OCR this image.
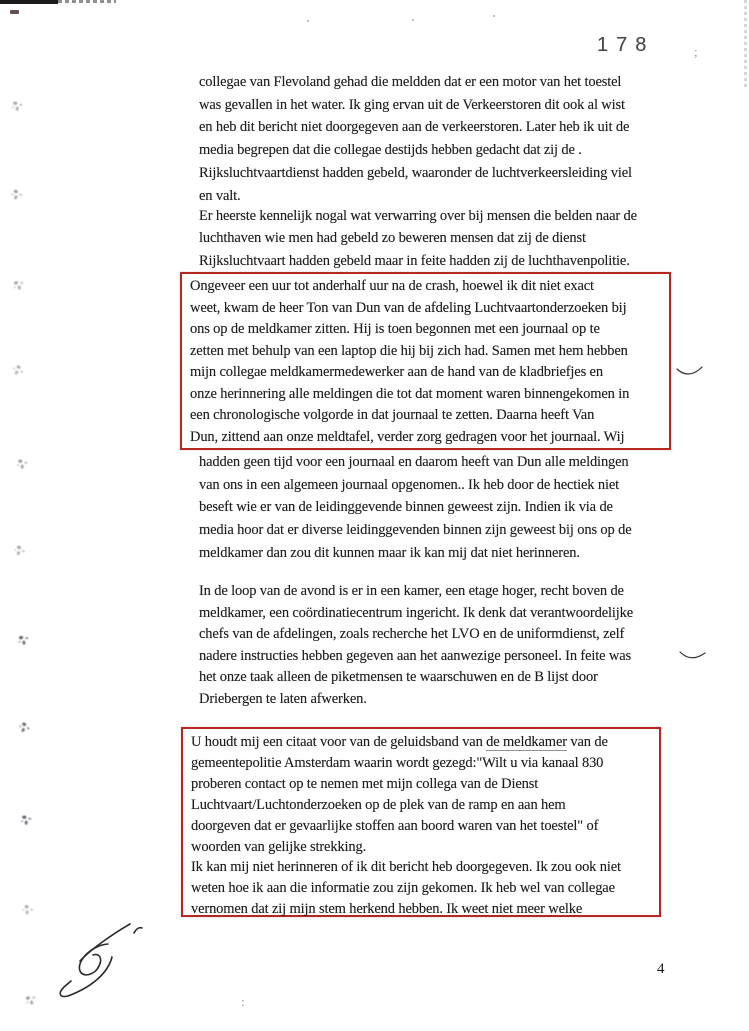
178	;
collegae van Flevoland gehad die meldden dat er een motor van het toestel
was gevallen in het water. Ik ging ervan uit de Verkeerstoren dit ook al wist
en heb dit bericht niet doorgegeven aan de verkeerstoren. Later heb ik uit de
media begrepen dat die collegae destijds hebben gedacht dat zij de .
Rijksluchtvaartdienst hadden gebeld, waaronder de luchtverkeersleiding viel
en valt.
Er heerste kennelijk nogal wat verwarring over bij mensen die belden naar de
luchthaven wie men had gebeld zo beweren mensen dat zij de dienst
Rijksluchtvaart hadden gebeld maar in feite hadden zij de luchthavenpolitie.
Ongeveer een uur tot anderhalf uur na de crash, hoewel ik dit niet exact
weet, kwam de heer Ton van Dun van de afdeling Luchtvaartonderzoeken bij
ons op de meldkamer zitten. Hij is toen begonnen met een journaal op te
zetten met behulp van een laptop die hij bij zich had. Samen met hem hebben
mijn collegae meldkamermedewerker aan de hand van de kladbriefjes en
onze herinnering alle meldingen die tot dat moment waren binnengekomen in
een chronologische volgorde in dat journaal te zetten. Daarna heeft Van
Dun, zittend aan onze meldtafel, verder zorg gedragen voor het journaal. Wij
hadden geen tijd voor een journaal en daarom heeft van Dun alle meldingen
van ons in een algemeen journaal opgenomen.. Ik heb door de hectiek niet
beseft wie er van de leidinggevende binnen geweest zijn. Indien ik via de
media hoor dat er diverse leidinggevenden binnen zijn geweest bij ons op de
meldkamer dan zou dit kunnen maar ik kan mij dat niet herinneren.
In de loop van de avond is er in een kamer, een etage hoger, recht boven de
meldkamer, een coördinatiecentrum ingericht. Ik denk dat verantwoordelijke
chefs van de afdelingen, zoals recherche het LVO en de uniformdienst, zelf
nadere instructies hebben gegeven aan het aanwezige personeel. In feite was
het onze taak alleen de piketmensen te waarschuwen en de B lijst door
Driebergen te laten afwerken.
U houdt mij een citaat voor van de geluidsband van de meldkamer van de
gemeentepolitie Amsterdam waarin wordt gezegd:"Wilt u via kanaal 830
proberen contact op te nemen met mijn collega van de Dienst
Luchtvaart/Luchtonderzoeken op de plek van de ramp en aan hem
doorgeven dat er gevaarlijke stoffen aan boord waren van het toestel" of
woorden van gelijke strekking.
Ik kan mij niet herinneren of ik dit bericht heb doorgegeven. Ik zou ook niet
weten hoe ik aan die informatie zou zijn gekomen. Ik heb wel van collegae
vernomen dat zij mijn stem herkend hebben. Ik weet niet meer welke
4
:
